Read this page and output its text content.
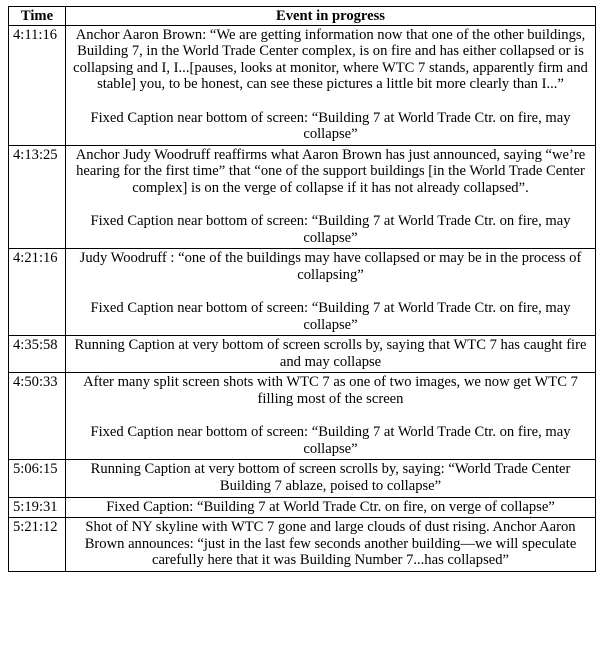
Time	Event in progress
4:11:16	Anchor Aaron Brown: “We are getting information now that one of the other buildings, Building 7, in the World Trade Center complex, is on fire and has either collapsed or is collapsing and I, I...[pauses, looks at monitor, where WTC 7 stands, apparently firm and stable] you, to be honest, can see these pictures a little bit more clearly than I...”
Fixed Caption near bottom of screen: “Building 7 at World Trade Ctr. on fire, may collapse”

4:13:25	Anchor Judy Woodruff reaffirms what Aaron Brown has just announced, saying “we’re hearing for the first time” that “one of the support buildings [in the World Trade Center complex] is on the verge of collapse if it has not already collapsed”.
Fixed Caption near bottom of screen: “Building 7 at World Trade Ctr. on fire, may collapse”

4:21:16	Judy Woodruff : “one of the buildings may have collapsed or may be in the process of collapsing”
Fixed Caption near bottom of screen: “Building 7 at World Trade Ctr. on fire, may collapse”

4:35:58	Running Caption at very bottom of screen scrolls by, saying that WTC 7 has caught fire and may collapse

4:50:33	After many split screen shots with WTC 7 as one of two images, we now get WTC 7 filling most of the screen
Fixed Caption near bottom of screen: “Building 7 at World Trade Ctr. on fire, may collapse”

5:06:15	Running Caption at very bottom of screen scrolls by, saying: “World Trade Center Building 7 ablaze, poised to collapse”

5:19:31	Fixed Caption: “Building 7 at World Trade Ctr. on fire, on verge of collapse”

5:21:12	Shot of NY skyline with WTC 7 gone and large clouds of dust rising. Anchor Aaron Brown announces: “just in the last few seconds another building—we will speculate carefully here that it was Building Number 7...has collapsed”
